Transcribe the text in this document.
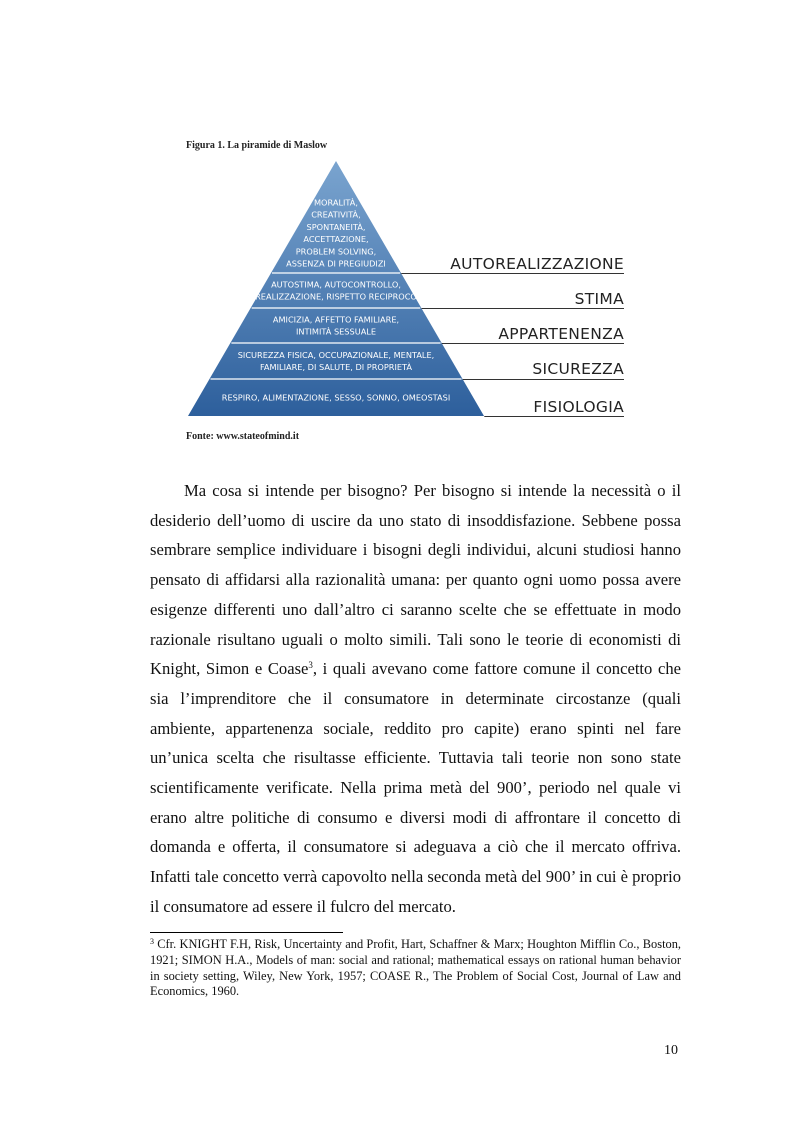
Figura 1. La piramide di Maslow
MORALITÀ,
CREATIVITÀ,
SPONTANEITÀ,
ACCETTAZIONE,
PROBLEM SOLVING,
ASSENZA DI PREGIUDIZI
AUTOSTIMA, AUTOCONTROLLO,
REALIZZAZIONE, RISPETTO RECIPROCO
AMICIZIA, AFFETTO FAMILIARE,
INTIMITÀ SESSUALE
SICUREZZA FISICA, OCCUPAZIONALE, MENTALE,
FAMILIARE, DI SALUTE, DI PROPRIETÀ
RESPIRO, ALIMENTAZIONE, SESSO, SONNO, OMEOSTASI
AUTOREALIZZAZIONE
STIMA
APPARTENENZA
SICUREZZA
FISIOLOGIA
Fonte: www.stateofmind.it

Ma cosa si intende per bisogno? Per bisogno si intende la necessità o il desiderio dell’uomo di uscire da uno stato di insoddisfazione. Sebbene possa sembrare semplice individuare i bisogni degli individui, alcuni studiosi hanno pensato di affidarsi alla razionalità umana: per quanto ogni uomo possa avere esigenze differenti uno dall’altro ci saranno scelte che se effettuate in modo razionale risultano uguali o molto simili. Tali sono le teorie di economisti di Knight, Simon e Coase$^3$, i quali avevano come fattore comune il concetto che sia l’imprenditore che il consumatore in determinate circostanze (quali ambiente, appartenenza sociale, reddito pro capite) erano spinti nel fare un’unica scelta che risultasse efficiente. Tuttavia tali teorie non sono state scientificamente verificate. Nella prima metà del 900’, periodo nel quale vi erano altre politiche di consumo e diversi modi di affrontare il concetto di domanda e offerta, il consumatore si adeguava a ciò che il mercato offriva. Infatti tale concetto verrà capovolto nella seconda metà del 900’ in cui è proprio il consumatore ad essere il fulcro del mercato.

$^3$ Cfr. KNIGHT F.H, Risk, Uncertainty and Profit, Hart, Schaffner & Marx; Houghton Mifflin Co., Boston, 1921; SIMON H.A., Models of man: social and rational; mathematical essays on rational human behavior in society setting, Wiley, New York, 1957; COASE R., The Problem of Social Cost, Journal of Law and Economics, 1960.
10
